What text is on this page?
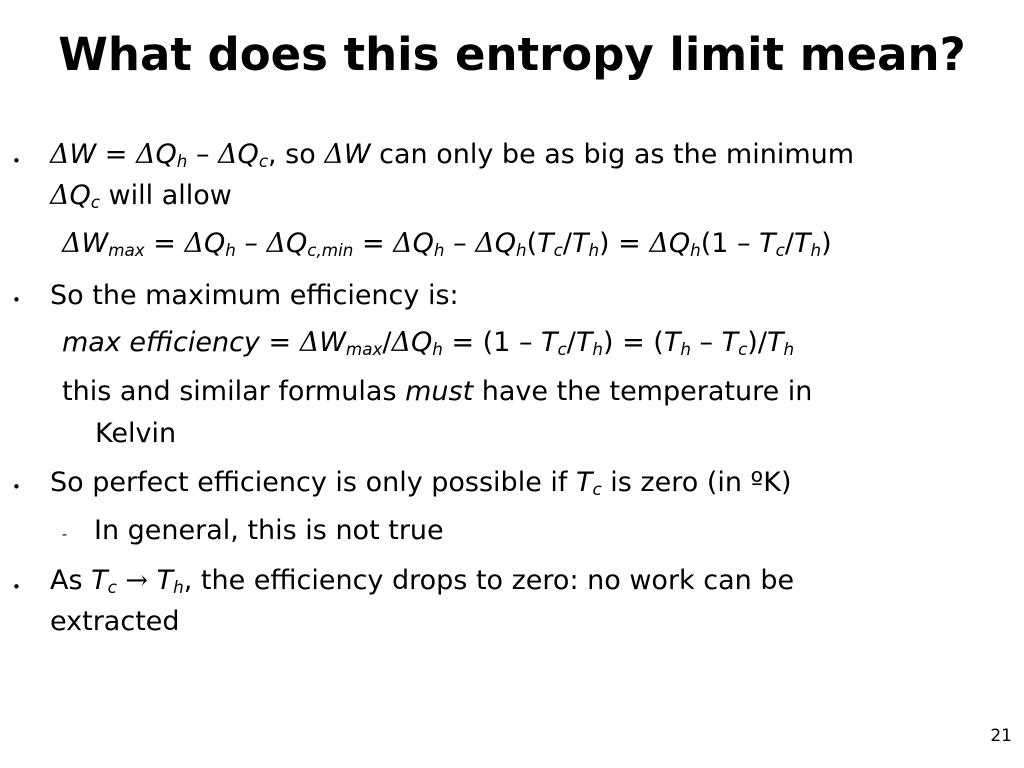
What does this entropy limit mean?
• $\Delta W = \Delta Q_h - \Delta Q_c$, so ΔW can only be as big as the minimum
$\Delta Q_c$ will allow
$\Delta W_{max} = \Delta Q_h - \Delta Q_{c,min} = \Delta Q_h - \Delta Q_h(T_c/T_h) = \Delta Q_h(1 - T_c/T_h)$
• So the maximum efficiency is:
max efficiency = $\Delta W_{max}/\Delta Q_h = (1 - T_c/T_h) = (T_h - T_c)/T_h$
this and similar formulas must have the temperature in
Kelvin
• So perfect efficiency is only possible if $T_c$ is zero (in ºK)
- In general, this is not true
• As $T_c \to T_h$, the efficiency drops to zero: no work can be
extracted
21
